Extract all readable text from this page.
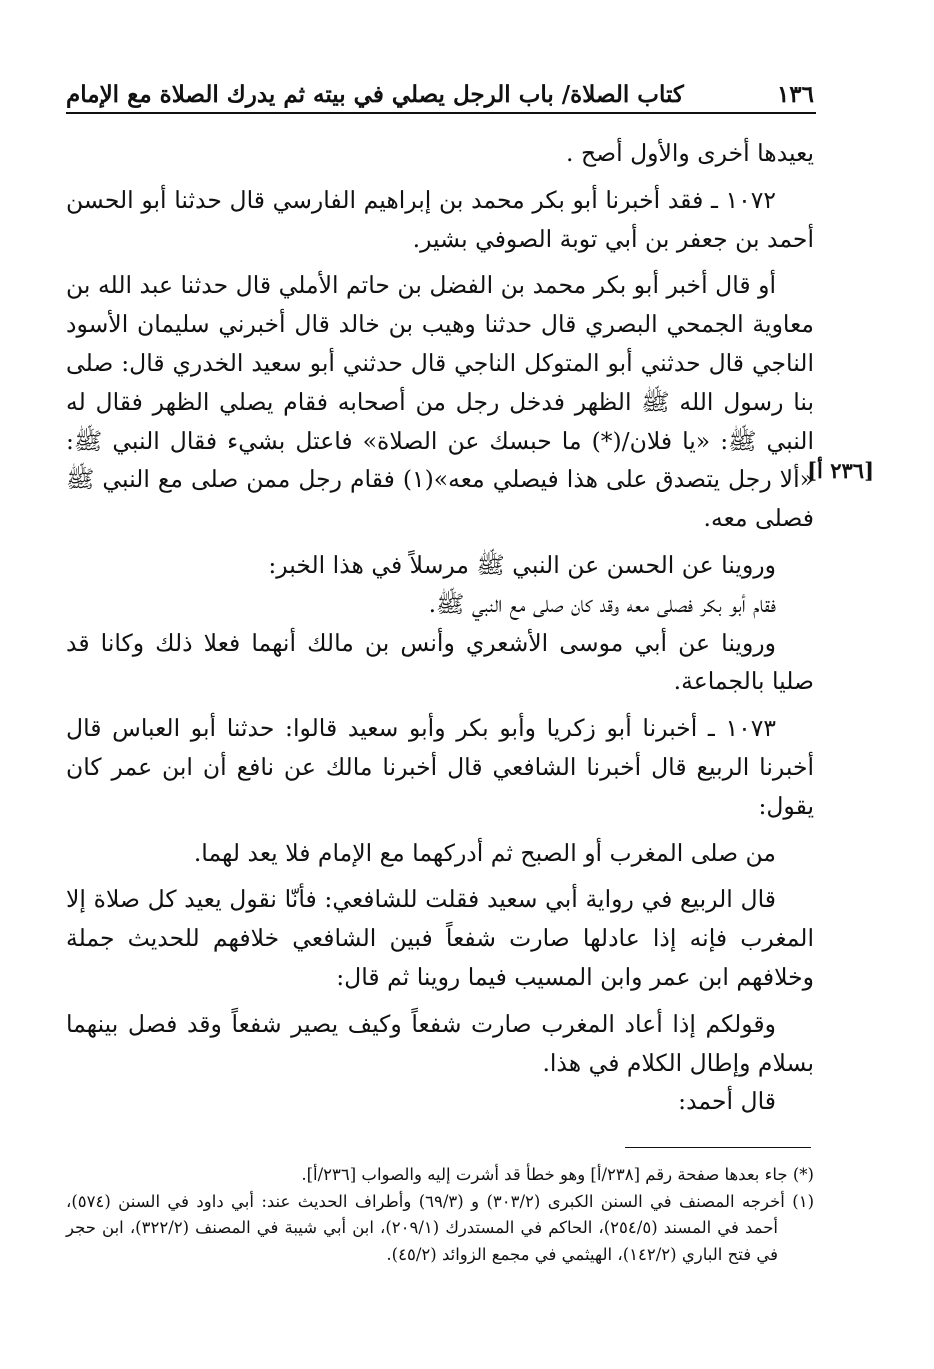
١٣٦
كتاب الصلاة/ باب الرجل يصلي في بيته ثم يدرك الصلاة مع الإمام
[٢٣٦ أ]

يعيدها أخرى والأول أصح .

١٠٧٢ ـ فقد أخبرنا أبو بكر محمد بن إبراهيم الفارسي قال حدثنا أبو الحسن أحمد بن جعفر بن أبي توبة الصوفي بشير.

أو قال أخبر أبو بكر محمد بن الفضل بن حاتم الأملي قال حدثنا عبد الله بن معاوية الجمحي البصري قال حدثنا وهيب بن خالد قال أخبرني سليمان الأسود الناجي قال حدثني أبو المتوكل الناجي قال حدثني أبو سعيد الخدري قال: صلى بنا رسول الله ﷺ الظهر فدخل رجل من أصحابه فقام يصلي الظهر فقال له النبي ﷺ: «يا فلان/(*) ما حبسك عن الصلاة» فاعتل بشيء فقال النبي ﷺ: «ألا رجل يتصدق على هذا فيصلي معه»(١) فقام رجل ممن صلى مع النبي ﷺ فصلى معه.

وروينا عن الحسن عن النبي ﷺ مرسلاً في هذا الخبر:

فقام أبو بكر فصلى معه وقد كان صلى مع النبي ﷺ.

وروينا عن أبي موسى الأشعري وأنس بن مالك أنهما فعلا ذلك وكانا قد صليا بالجماعة.

١٠٧٣ ـ أخبرنا أبو زكريا وأبو بكر وأبو سعيد قالوا: حدثنا أبو العباس قال أخبرنا الربيع قال أخبرنا الشافعي قال أخبرنا مالك عن نافع أن ابن عمر كان يقول:

من صلى المغرب أو الصبح ثم أدركهما مع الإمام فلا يعد لهما.

قال الربيع في رواية أبي سعيد فقلت للشافعي: فأنّا نقول يعيد كل صلاة إلا المغرب فإنه إذا عادلها صارت شفعاً فبين الشافعي خلافهم للحديث جملة وخلافهم ابن عمر وابن المسيب فيما روينا ثم قال:

وقولكم إذا أعاد المغرب صارت شفعاً وكيف يصير شفعاً وقد فصل بينهما بسلام وإطال الكلام في هذا.

قال أحمد:

(*) جاء بعدها صفحة رقم [٢٣٨/أ] وهو خطأ قد أشرت إليه والصواب [٢٣٦/أ].

(١) أخرجه المصنف في السنن الكبرى (٣٠٣/٢) و (٦٩/٣) وأطراف الحديث عند: أبي داود في السنن (٥٧٤)، أحمد في المسند (٢٥٤/٥)، الحاكم في المستدرك (٢٠٩/١)، ابن أبي شيبة في المصنف (٣٢٢/٢)، ابن حجر في فتح الباري (١٤٢/٢)، الهيثمي في مجمع الزوائد (٤٥/٢).
